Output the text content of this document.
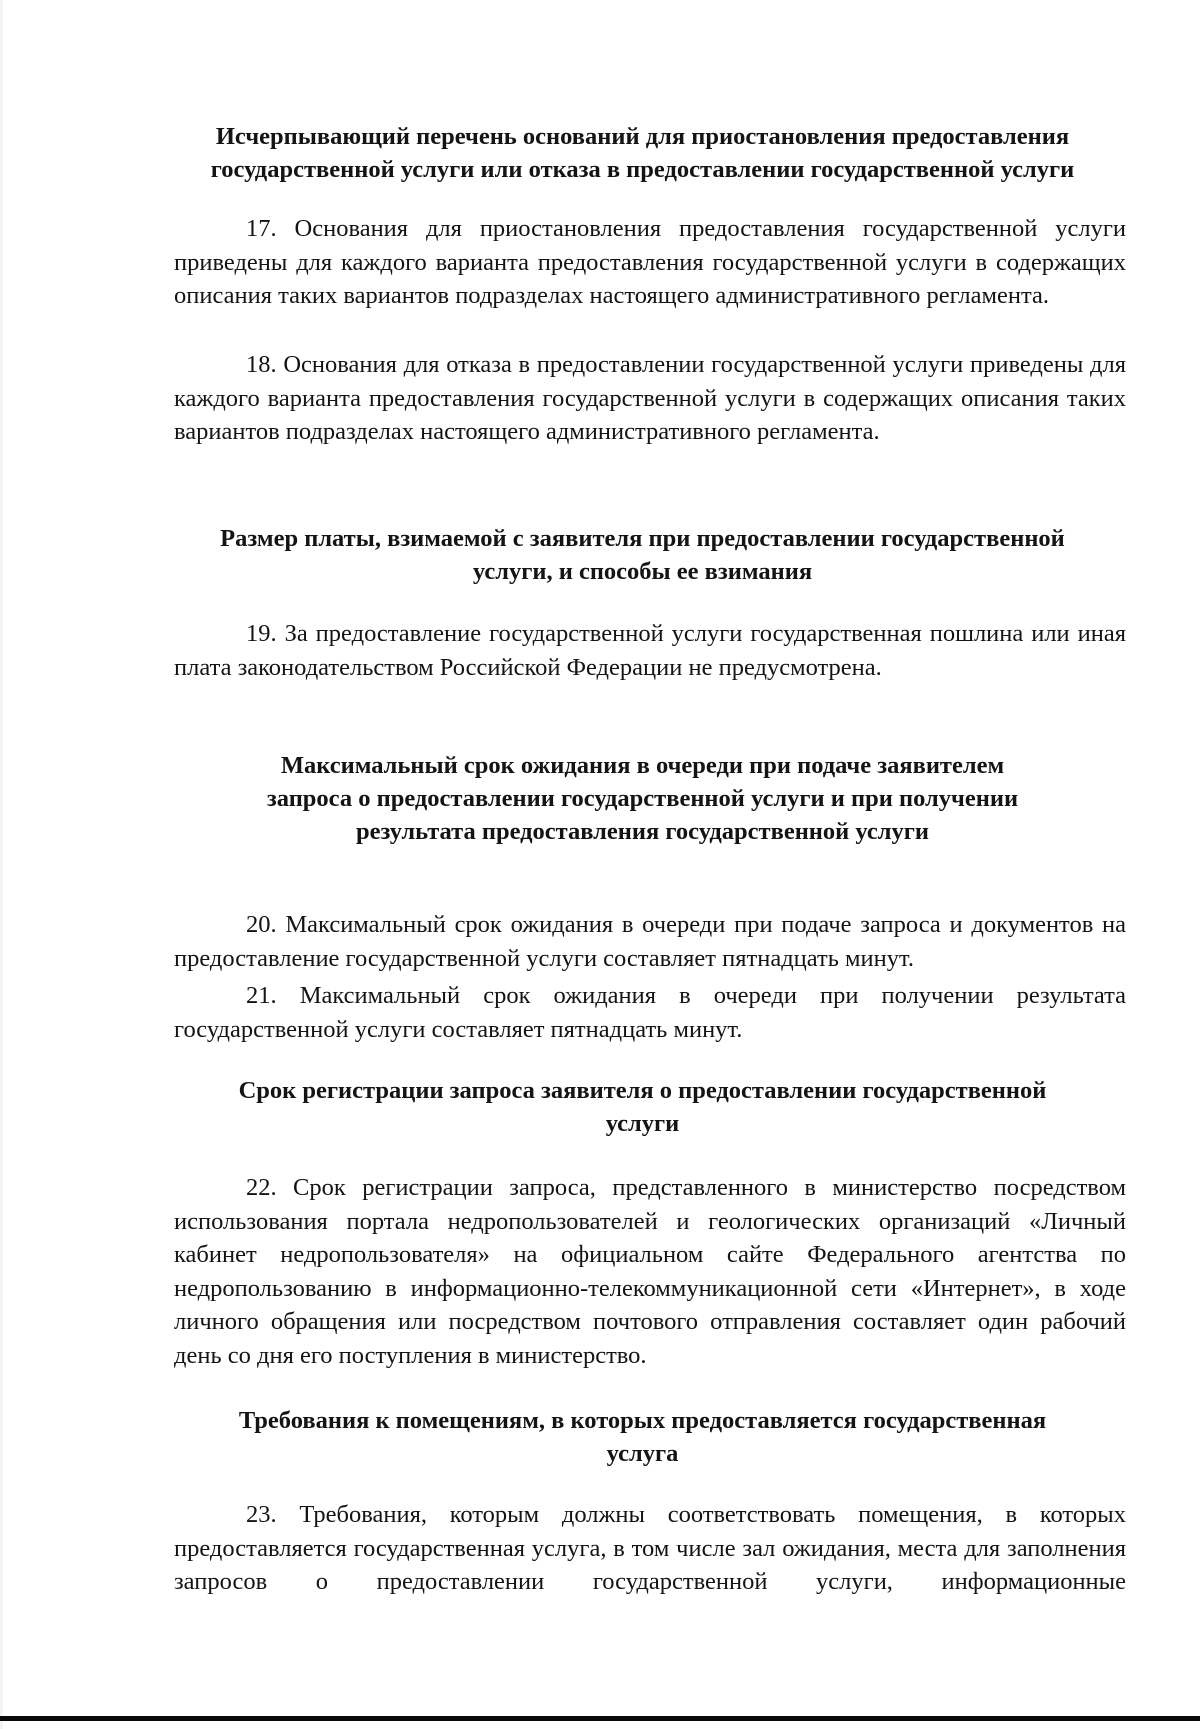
Исчерпывающий перечень оснований для приостановления предоставления
государственной услуги или отказа в предоставлении государственной услуги

17. Основания для приостановления предоставления государственной услуги приведены для каждого варианта предоставления государственной услуги в содержащих описания таких вариантов подразделах настоящего административного регламента.

18. Основания для отказа в предоставлении государственной услуги приведены для каждого варианта предоставления государственной услуги в содержащих описания таких вариантов подразделах настоящего административного регламента.

Размер платы, взимаемой с заявителя при предоставлении государственной
услуги, и способы ее взимания

19. За предоставление государственной услуги государственная пошлина или иная плата законодательством Российской Федерации не предусмотрена.

Максимальный срок ожидания в очереди при подаче заявителем
запроса о предоставлении государственной услуги и при получении
результата предоставления государственной услуги

20. Максимальный срок ожидания в очереди при подаче запроса и документов на предоставление государственной услуги составляет пятнадцать минут.

21. Максимальный срок ожидания в очереди при получении результата государственной услуги составляет пятнадцать минут.

Срок регистрации запроса заявителя о предоставлении государственной
услуги

22. Срок регистрации запроса, представленного в министерство посредством использования портала недропользователей и геологических организаций «Личный кабинет недропользователя» на официальном сайте Федерального агентства по недропользованию в информационно-телекоммуникационной сети «Интернет», в ходе личного обращения или посредством почтового отправления составляет один рабочий день со дня его поступления в министерство.

Требования к помещениям, в которых предоставляется государственная
услуга

23. Требования, которым должны соответствовать помещения, в которых предоставляется государственная услуга, в том числе зал ожидания, места для заполнения запросов о предоставлении государственной услуги, информационные
